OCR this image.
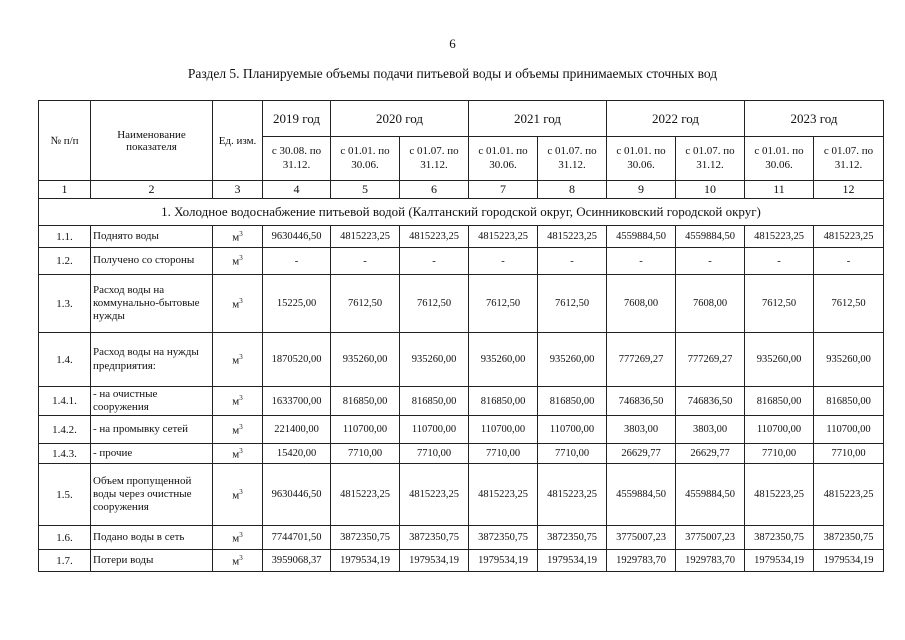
6
Раздел 5. Планируемые объемы подачи питьевой воды и объемы принимаемых сточных вод
№ п/п	Наименование показателя	Ед. изм.	2019 год	2020 год		2021 год		2022 год		2023 год	
			с 30.08. по 31.12.	с 01.01. по 30.06.	с 01.07. по 31.12.	с 01.01. по 30.06.	с 01.07. по 31.12.	с 01.01. по 30.06.	с 01.07. по 31.12.	с 01.01. по 30.06.	с 01.07. по 31.12.
1	2	3	4	5	6	7	8	9	10	11	12
1. Холодное водоснабжение питьевой водой (Калтанский городской округ, Осинниковский городской округ)											
1.1.	Поднято воды	$м^3$	9630446,50	4815223,25	4815223,25	4815223,25	4815223,25	4559884,50	4559884,50	4815223,25	4815223,25
1.2.	Получено со стороны	$м^3$	-	-	-	-	-	-	-	-	-
1.3.	Расход воды на коммунально-бытовые нужды	$м^3$	15225,00	7612,50	7612,50	7612,50	7612,50	7608,00	7608,00	7612,50	7612,50
1.4.	Расход воды на нужды предприятия:	$м^3$	1870520,00	935260,00	935260,00	935260,00	935260,00	777269,27	777269,27	935260,00	935260,00
1.4.1.	- на очистные сооружения	$м^3$	1633700,00	816850,00	816850,00	816850,00	816850,00	746836,50	746836,50	816850,00	816850,00
1.4.2.	- на промывку сетей	$м^3$	221400,00	110700,00	110700,00	110700,00	110700,00	3803,00	3803,00	110700,00	110700,00
1.4.3.	- прочие	$м^3$	15420,00	7710,00	7710,00	7710,00	7710,00	26629,77	26629,77	7710,00	7710,00
1.5.	Объем пропущенной воды через очистные сооружения	$м^3$	9630446,50	4815223,25	4815223,25	4815223,25	4815223,25	4559884,50	4559884,50	4815223,25	4815223,25
1.6.	Подано воды в сеть	$м^3$	7744701,50	3872350,75	3872350,75	3872350,75	3872350,75	3775007,23	3775007,23	3872350,75	3872350,75
1.7.	Потери воды	$м^3$	3959068,37	1979534,19	1979534,19	1979534,19	1979534,19	1929783,70	1929783,70	1979534,19	1979534,19
